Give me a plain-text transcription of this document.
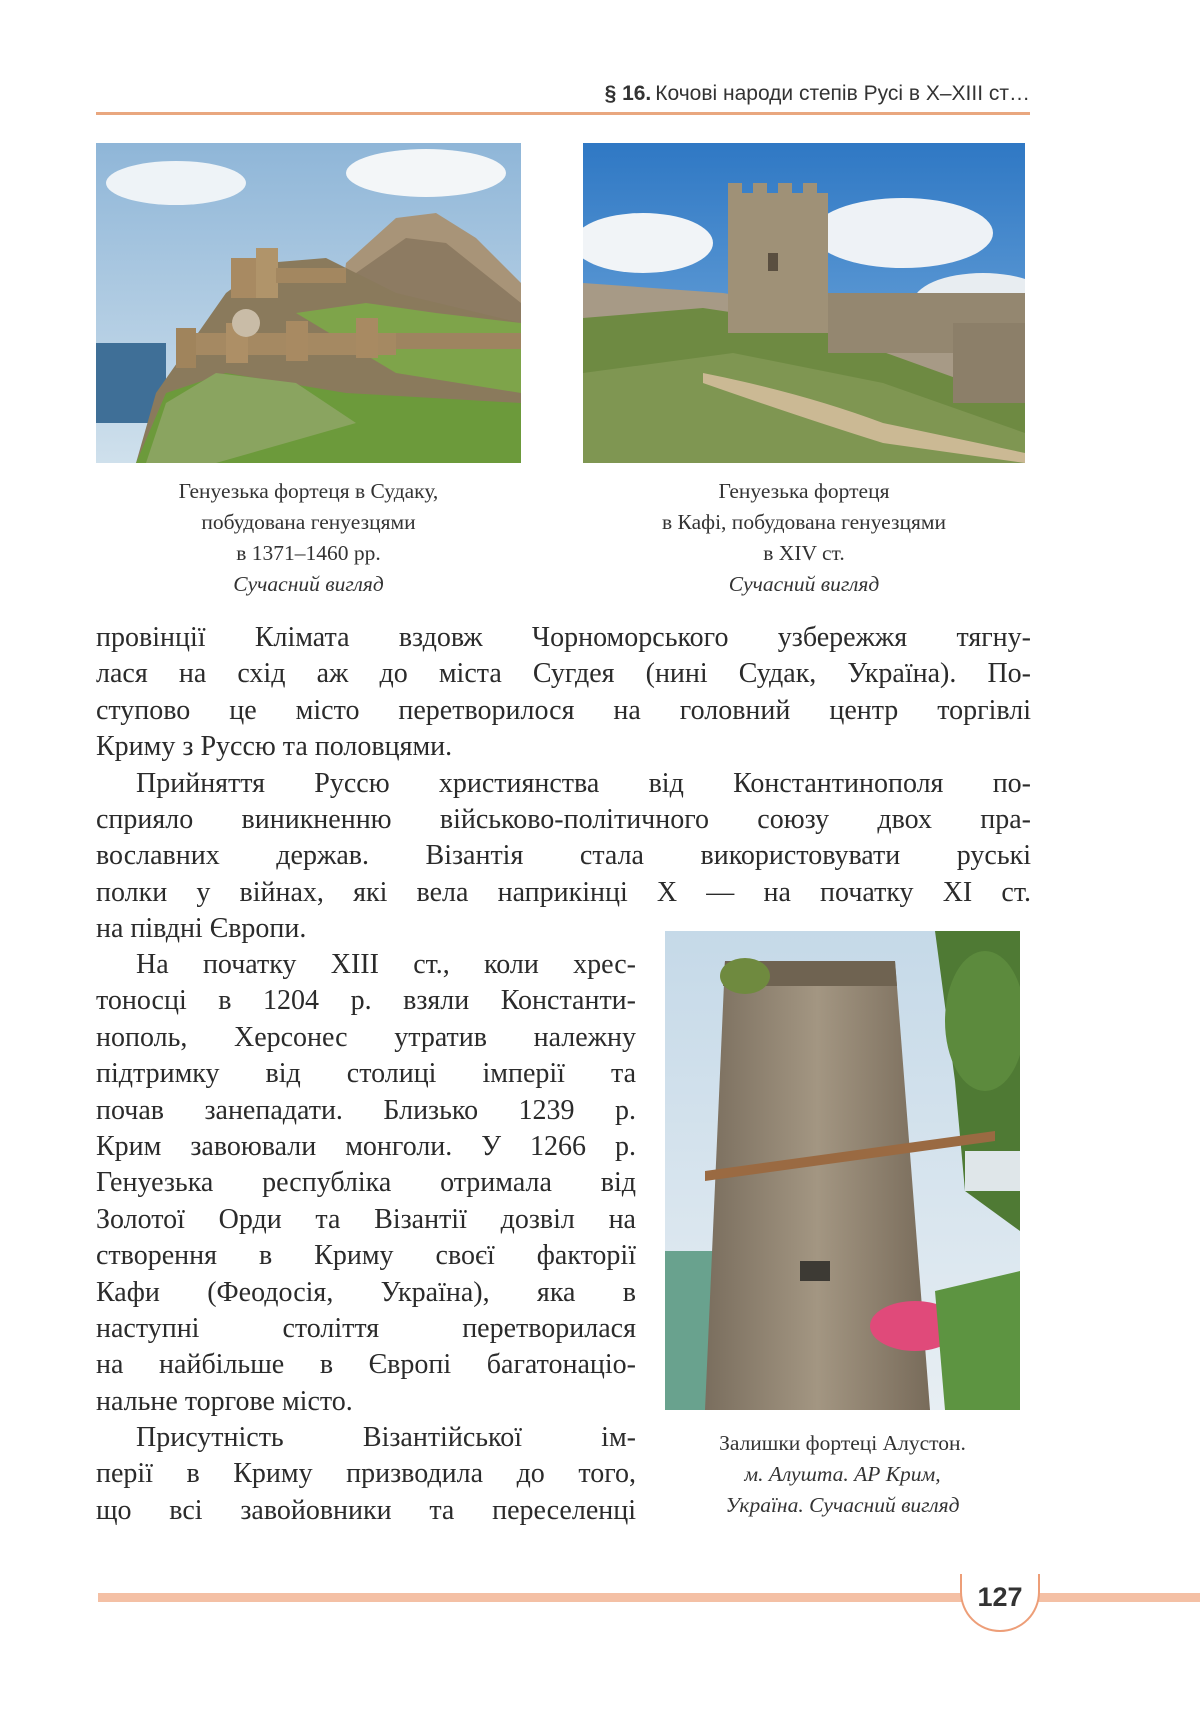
§ 16. Кочові народи степів Русі в X–XIII ст…
Генуезька фортеця в Судаку,
побудована генуезцями
в 1371–1460 рр.
Сучасний вигляд
Генуезька фортеця
в Кафі, побудована генуезцями
в XIV ст.
Сучасний вигляд
Залишки фортеці Алустон.
м. Алушта. АР Крим,
Україна. Сучасний вигляд
провінції Клімата вздовж Чорноморського узбережжя тягну-
лася на схід аж до міста Сугдея (нині Судак, Україна). По-
ступово це місто перетворилося на головний центр торгівлі
Криму з Руссю та половцями.
Прийняття Руссю християнства від Константинополя по-
сприяло виникненню військово-політичного союзу двох пра-
вославних держав. Візантія стала використовувати руські
полки у війнах, які вела наприкінці X — на початку XI ст.
на півдні Європи.
На початку XIII ст., коли хрес-
тоносці в 1204 р. взяли Константи-
нополь, Херсонес утратив належну
підтримку від столиці імперії та
почав занепадати. Близько 1239 р.
Крим завоювали монголи. У 1266 р.
Генуезька республіка отримала від
Золотої Орди та Візантії дозвіл на
створення в Криму своєї факторії
Кафи (Феодосія, Україна), яка в
наступні століття перетворилася
на найбільше в Європі багатонаціо-
нальне торгове місто.
Присутність Візантійської ім-
перії в Криму призводила до того,
що всі завойовники та переселенці
127
